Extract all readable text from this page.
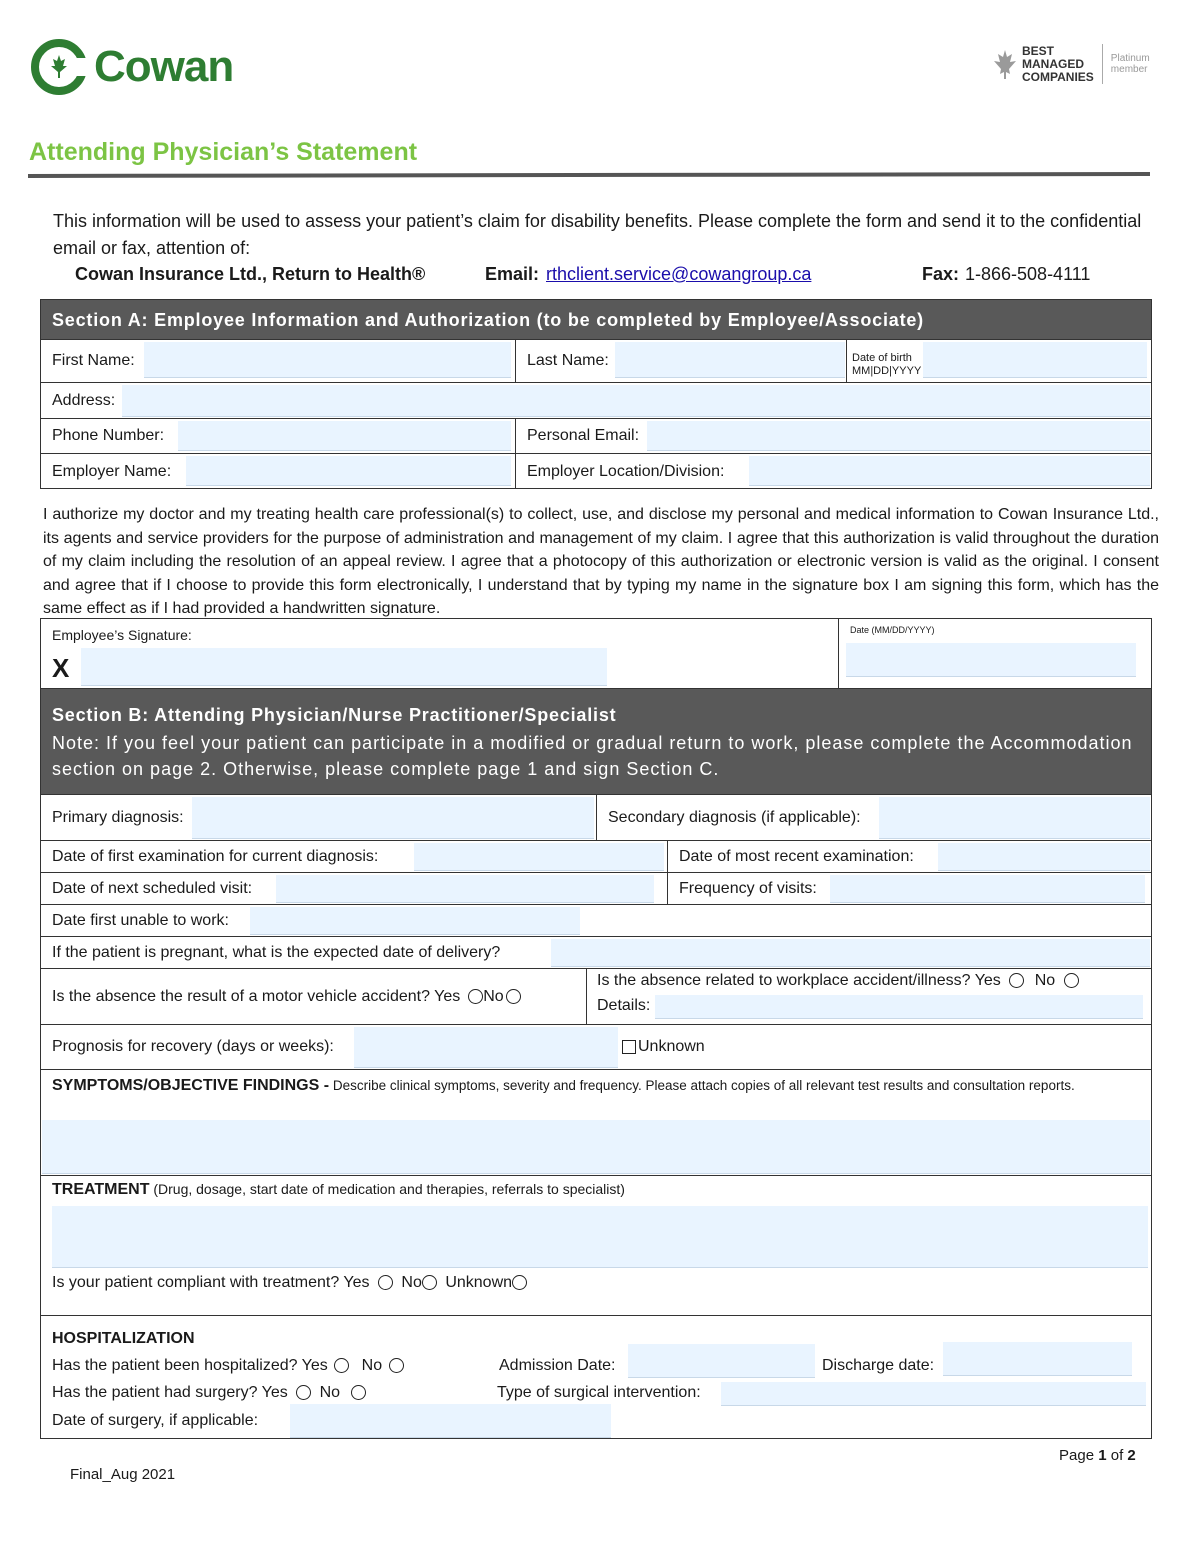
Cowan	BEST
MANAGED
COMPANIES
Platinum
member
Attending Physician’s Statement
This information will be used to assess your patient’s claim for disability benefits. Please complete the form and send it to the confidential email or fax, attention of:
Cowan Insurance Ltd., Return to Health®	Email: rthclient.service@cowangroup.ca	Fax: 1-866-508-4111
Section A: Employee Information and Authorization (to be completed by Employee/Associate)
First Name:	Last Name:	Date of birth
MM|DD|YYYY
Address:
Phone Number:	Personal Email:
Employer Name:	Employer Location/Division:
I authorize my doctor and my treating health care professional(s) to collect, use, and disclose my personal and medical information to Cowan Insurance Ltd., its agents and service providers for the purpose of administration and management of my claim. I agree that this authorization is valid throughout the duration of my claim including the resolution of an appeal review. I agree that a photocopy of this authorization or electronic version is valid as the original. I consent and agree that if I choose to provide this form electronically, I understand that by typing my name in the signature box I am signing this form, which has the same effect as if I had provided a handwritten signature.
Employee’s Signature:
X
Date (MM/DD/YYYY)
Section B: Attending Physician/Nurse Practitioner/Specialist
Note: If you feel your patient can participate in a modified or gradual return to work, please complete the Accommodation section on page 2. Otherwise, please complete page 1 and sign Section C.
Primary diagnosis:	Secondary diagnosis (if applicable):
Date of first examination for current diagnosis:	Date of most recent examination:
Date of next scheduled visit:	Frequency of visits:
Date first unable to work:
If the patient is pregnant, what is the expected date of delivery?
Is the absence the result of a motor vehicle accident? Yes No
Is the absence related to workplace accident/illness? Yes No
Details:
Prognosis for recovery (days or weeks):	Unknown
SYMPTOMS/OBJECTIVE FINDINGS - Describe clinical symptoms, severity and frequency. Please attach copies of all relevant test results and consultation reports.
TREATMENT (Drug, dosage, start date of medication and therapies, referrals to specialist)
Is your patient compliant with treatment? Yes No Unknown
HOSPITALIZATION
Has the patient been hospitalized? Yes No	Admission Date:	Discharge date:
Has the patient had surgery? Yes No	Type of surgical intervention:
Date of surgery, if applicable:
Page 1 of 2
Final_Aug 2021
